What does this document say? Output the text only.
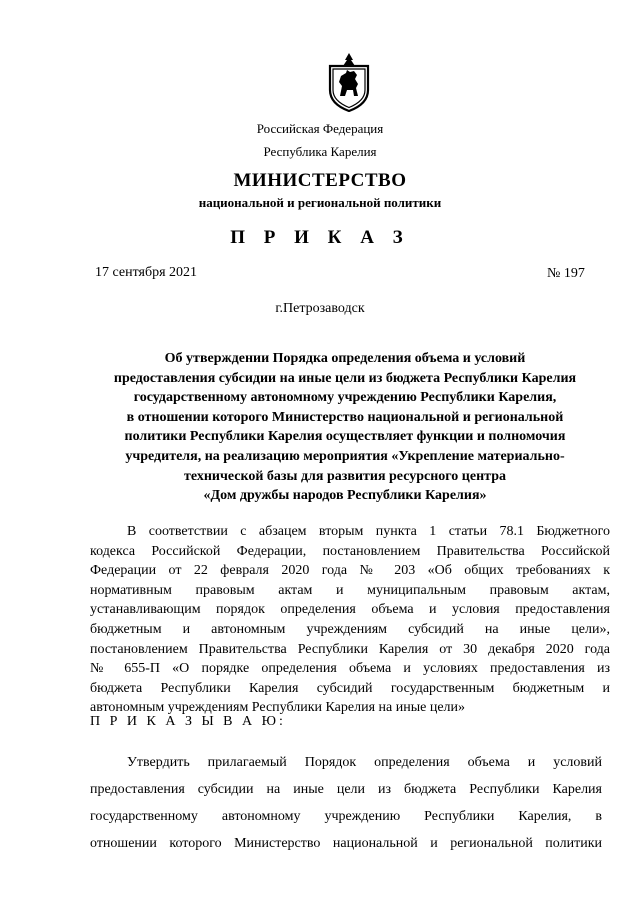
Российская Федерация
Республика Карелия
МИНИСТЕРСТВО
национальной и региональной политики
П Р И К А З
17 сентября 2021	№ 197
г.Петрозаводск
Об утверждении Порядка определения объема и условий
предоставления субсидии на иные цели из бюджета Республики Карелия
государственному автономному учреждению Республики Карелия,
в отношении которого Министерство национальной и региональной
политики Республики Карелия осуществляет функции и полномочия
учредителя, на реализацию мероприятия «Укрепление материально-
технической базы для развития ресурсного центра
«Дом дружбы народов Республики Карелия»
В соответствии с абзацем вторым пункта 1 статьи 78.1 Бюджетного
кодекса Российской Федерации, постановлением Правительства Российской
Федерации от 22 февраля 2020 года № 203 «Об общих требованиях к
нормативным правовым актам и муниципальным правовым актам,
устанавливающим порядок определения объема и условия предоставления
бюджетным и автономным учреждениям субсидий на иные цели»,
постановлением Правительства Республики Карелия от 30 декабря 2020 года
№ 655-П «О порядке определения объема и условиях предоставления из
бюджета Республики Карелия субсидий государственным бюджетным и
автономным учреждениям Республики Карелия на иные цели»
П Р И К А З Ы В А Ю:
Утвердить прилагаемый Порядок определения объема и условий
предоставления субсидии на иные цели из бюджета Республики Карелия
государственному автономному учреждению Республики Карелия, в
отношении которого Министерство национальной и региональной политики
